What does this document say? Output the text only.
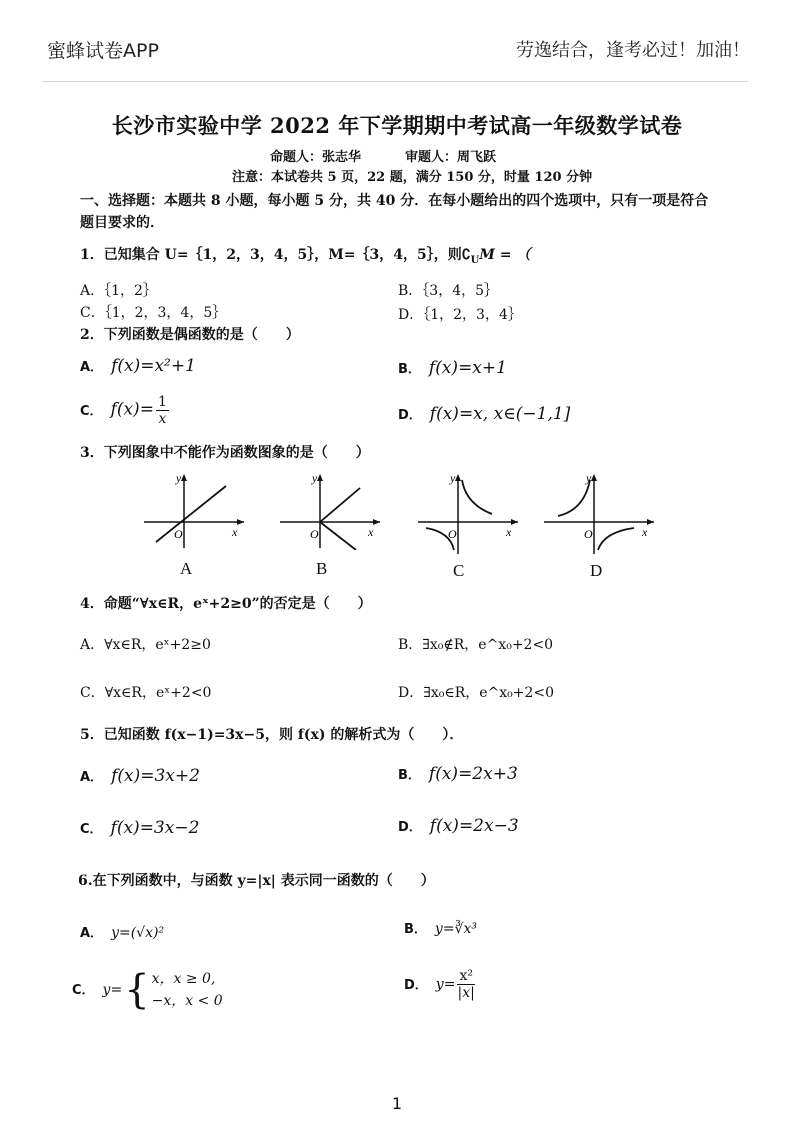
蜜蜂试卷APP	劳逸结合，逢考必过！加油！
长沙市实验中学 2022 年下学期期中考试高一年级数学试卷
命题人：张志华	审题人：周飞跃
注意：本试卷共 5 页，22 题，满分 150 分，时量 120 分钟
一、选择题：本题共 8 小题，每小题 5 分，共 40 分．在每小题给出的四个选项中，只有一项是符合题目要求的．
1．已知集合 U=｛1，2，3，4，5｝，M=｛3，4，5｝，则$∁_UM$ = （
A．｛1，2｝	B．｛3，4，5｝
C．｛1，2，3，4，5｝	D．｛1，2，3，4｝
2．下列函数是偶函数的是（　　）
A． f(x)=x²+1	B． f(x)=x+1
C． $f(x)= \frac{1}{x}$	D． f(x)=x, x∈(−1,1]
3．下列图象中不能作为函数图象的是（　　）
y
O	x
A
y
O	x
B
y
O	x
C
y
O	x
D
4．命题“∀x∈R，eˣ+2≥0”的否定是（　　）
A．∀x∈R，eˣ+2≥0	B．∃x₀∉R，e^x₀+2<0
C．∀x∈R，eˣ+2<0	D．∃x₀∈R，e^x₀+2<0
5．已知函数 f(x−1)=3x−5，则 f(x) 的解析式为（　　）．
A． f(x)=3x+2	B． f(x)=2x+3
C． f(x)=3x−2	D． f(x)=2x−3
6.在下列函数中，与函数 y=|x| 表示同一函数的（　　）
A． y=(√x)²	B． y=∛x³
C． y={ x，x ≥ 0,
−x，x < 0
D． $y= \frac{\text{x²}}{|x|}$
1
